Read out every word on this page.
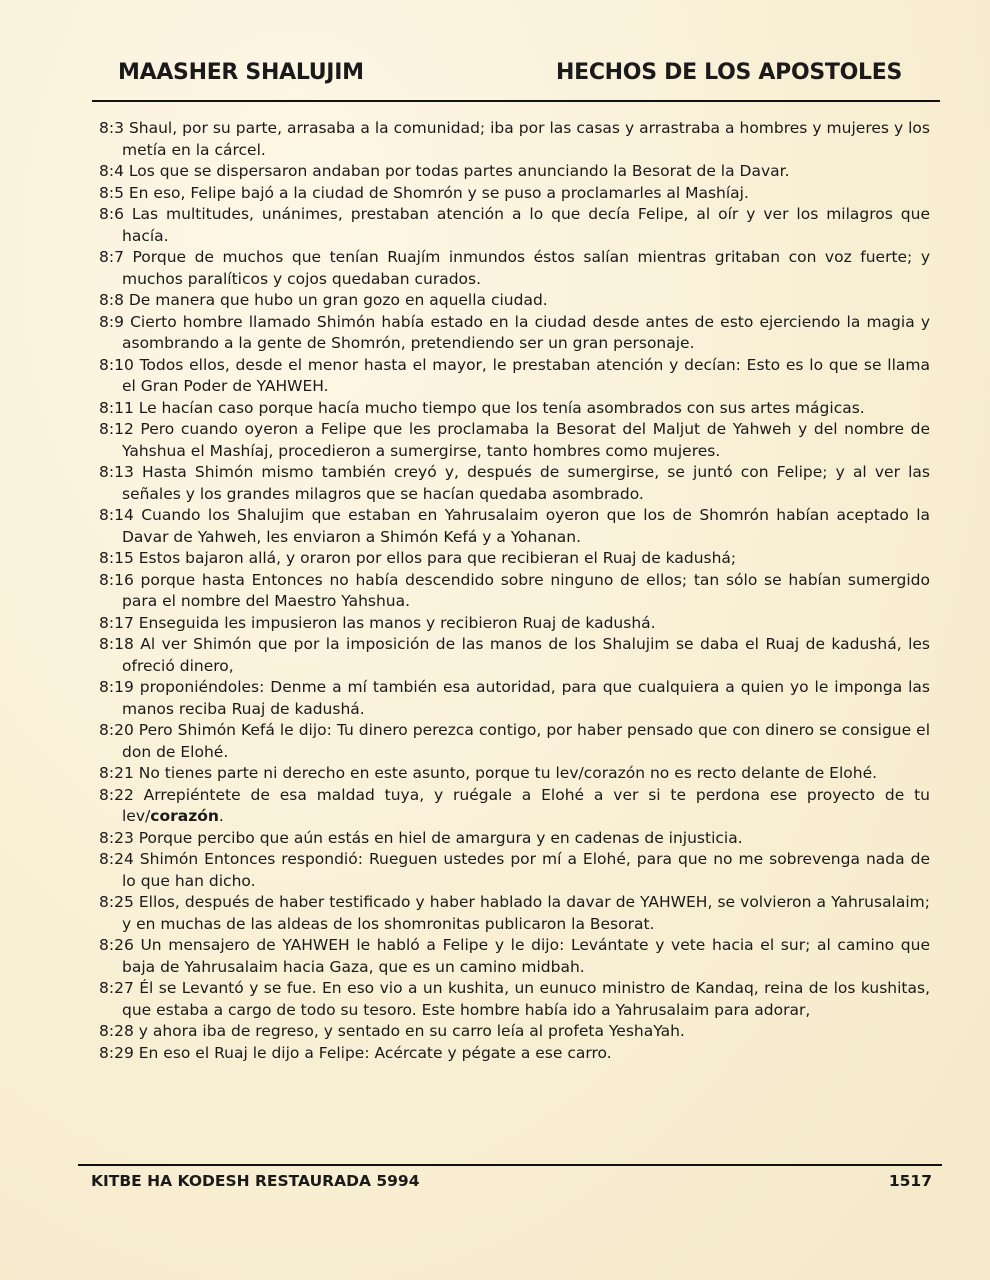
MAASHER SHALUJIM	HECHOS DE LOS APOSTOLES

8:3 Shaul, por su parte, arrasaba a la comunidad; iba por las casas y arrastraba a hombres y mujeres y los metía en la cárcel.

8:4 Los que se dispersaron andaban por todas partes anunciando la Besorat de la Davar.

8:5 En eso, Felipe bajó a la ciudad de Shomrón y se puso a proclamarles al Mashíaj.

8:6 Las multitudes, unánimes, prestaban atención a lo que decía Felipe, al oír y ver los milagros que hacía.

8:7 Porque de muchos que tenían Ruajím inmundos éstos salían mientras gritaban con voz fuerte; y muchos paralíticos y cojos quedaban curados.

8:8 De manera que hubo un gran gozo en aquella ciudad.

8:9 Cierto hombre llamado Shimón había estado en la ciudad desde antes de esto ejerciendo la magia y asombrando a la gente de Shomrón, pretendiendo ser un gran personaje.

8:10 Todos ellos, desde el menor hasta el mayor, le prestaban atención y decían: Esto es lo que se llama el Gran Poder de YAHWEH.

8:11 Le hacían caso porque hacía mucho tiempo que los tenía asombrados con sus artes mágicas.

8:12 Pero cuando oyeron a Felipe que les proclamaba la Besorat del Maljut de Yahweh y del nombre de Yahshua el Mashíaj, procedieron a sumergirse, tanto hombres como mujeres.

8:13 Hasta Shimón mismo también creyó y, después de sumergirse, se juntó con Felipe; y al ver las señales y los grandes milagros que se hacían quedaba asombrado.

8:14 Cuando los Shalujim que estaban en Yahrusalaim oyeron que los de Shomrón habían aceptado la Davar de Yahweh, les enviaron a Shimón Kefá y a Yohanan.

8:15 Estos bajaron allá, y oraron por ellos para que recibieran el Ruaj de kadushá;

8:16 porque hasta Entonces no había descendido sobre ninguno de ellos; tan sólo se habían sumergido para el nombre del Maestro Yahshua.

8:17 Enseguida les impusieron las manos y recibieron Ruaj de kadushá.

8:18 Al ver Shimón que por la imposición de las manos de los Shalujim se daba el Ruaj de kadushá, les ofreció dinero,

8:19 proponiéndoles: Denme a mí también esa autoridad, para que cualquiera a quien yo le imponga las manos reciba Ruaj de kadushá.

8:20 Pero Shimón Kefá le dijo: Tu dinero perezca contigo, por haber pensado que con dinero se consigue el don de Elohé.

8:21 No tienes parte ni derecho en este asunto, porque tu lev/corazón no es recto delante de Elohé.

8:22 Arrepiéntete de esa maldad tuya, y ruégale a Elohé a ver si te perdona ese proyecto de tu lev/corazón.

8:23 Porque percibo que aún estás en hiel de amargura y en cadenas de injusticia.

8:24 Shimón Entonces respondió: Rueguen ustedes por mí a Elohé, para que no me sobrevenga nada de lo que han dicho.

8:25 Ellos, después de haber testificado y haber hablado la davar de YAHWEH, se volvieron a Yahrusalaim; y en muchas de las aldeas de los shomronitas publicaron la Besorat.

8:26 Un mensajero de YAHWEH le habló a Felipe y le dijo: Levántate y vete hacia el sur; al camino que baja de Yahrusalaim hacia Gaza, que es un camino midbah.

8:27 Él se Levantó y se fue. En eso vio a un kushita, un eunuco ministro de Kandaq, reina de los kushitas, que estaba a cargo de todo su tesoro. Este hombre había ido a Yahrusalaim para adorar,

8:28 y ahora iba de regreso, y sentado en su carro leía al profeta YeshaYah.

8:29 En eso el Ruaj le dijo a Felipe: Acércate y pégate a ese carro.

KITBE HA KODESH RESTAURADA 5994	1517
